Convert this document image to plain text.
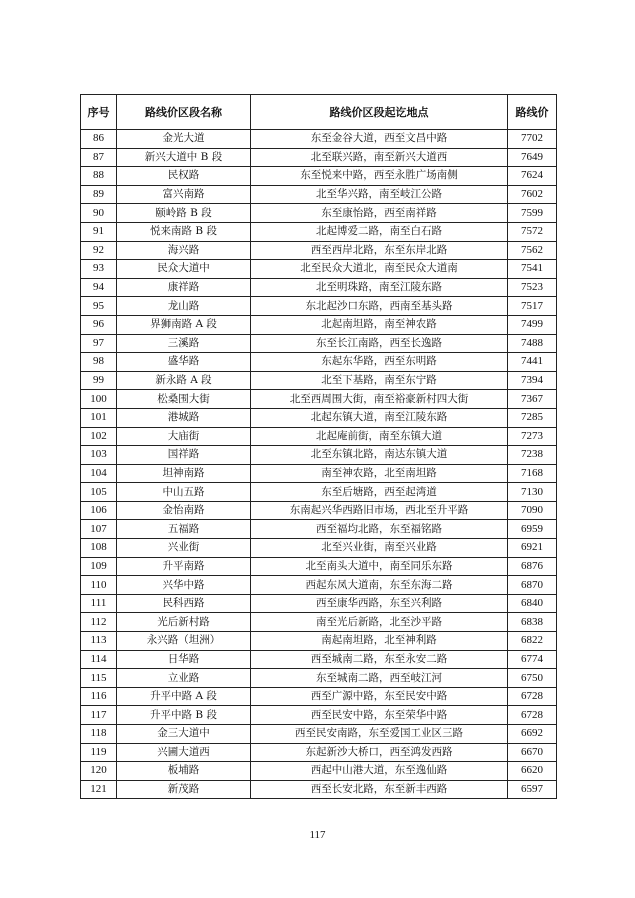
序号	路线价区段名称	路线价区段起讫地点	路线价
86	金光大道	东至金谷大道，西至文昌中路	7702
87	新兴大道中 B 段	北至联兴路，南至新兴大道西	7649
88	民权路	东至悦来中路，西至永胜广场南侧	7624
89	富兴南路	北至华兴路，南至岐江公路	7602
90	颐岭路 B 段	东至康怡路，西至南祥路	7599
91	悦来南路 B 段	北起博爱二路，南至白石路	7572
92	海兴路	西至西岸北路，东至东岸北路	7562
93	民众大道中	北至民众大道北，南至民众大道南	7541
94	康祥路	北至明珠路，南至江陵东路	7523
95	龙山路	东北起沙口东路，西南至基头路	7517
96	界狮南路 A 段	北起南坦路，南至神农路	7499
97	三溪路	东至长江南路，西至长逸路	7488
98	盛华路	东起东华路，西至东明路	7441
99	新永路 A 段	北至下基路，南至东宁路	7394
100	松桑围大街	北至西周围大街，南至裕豪新村四大街	7367
101	港城路	北起东镇大道，南至江陵东路	7285
102	大庙街	北起庵前街，南至东镇大道	7273
103	国祥路	北至东镇北路，南达东镇大道	7238
104	坦神南路	南至神农路，北至南坦路	7168
105	中山五路	东至后塘路，西至起湾道	7130
106	金怡南路	东南起兴华西路旧市场，西北至升平路	7090
107	五福路	西至福均北路，东至福铭路	6959
108	兴业街	北至兴业街，南至兴业路	6921
109	升平南路	北至南头大道中，南至同乐东路	6876
110	兴华中路	西起东凤大道南，东至东海二路	6870
111	民科西路	西至康华西路，东至兴利路	6840
112	光后新村路	南至光后新路，北至沙平路	6838
113	永兴路（坦洲）	南起南坦路，北至神利路	6822
114	日华路	西至城南二路，东至永安二路	6774
115	立业路	东至城南二路，西至岐江河	6750
116	升平中路 A 段	西至广源中路，东至民安中路	6728
117	升平中路 B 段	西至民安中路，东至荣华中路	6728
118	金三大道中	西至民安南路，东至爱国工业区三路	6692
119	兴圃大道西	东起新沙大桥口，西至鸿发西路	6670
120	板埔路	西起中山港大道，东至逸仙路	6620
121	新茂路	西至长安北路，东至新丰西路	6597
117
